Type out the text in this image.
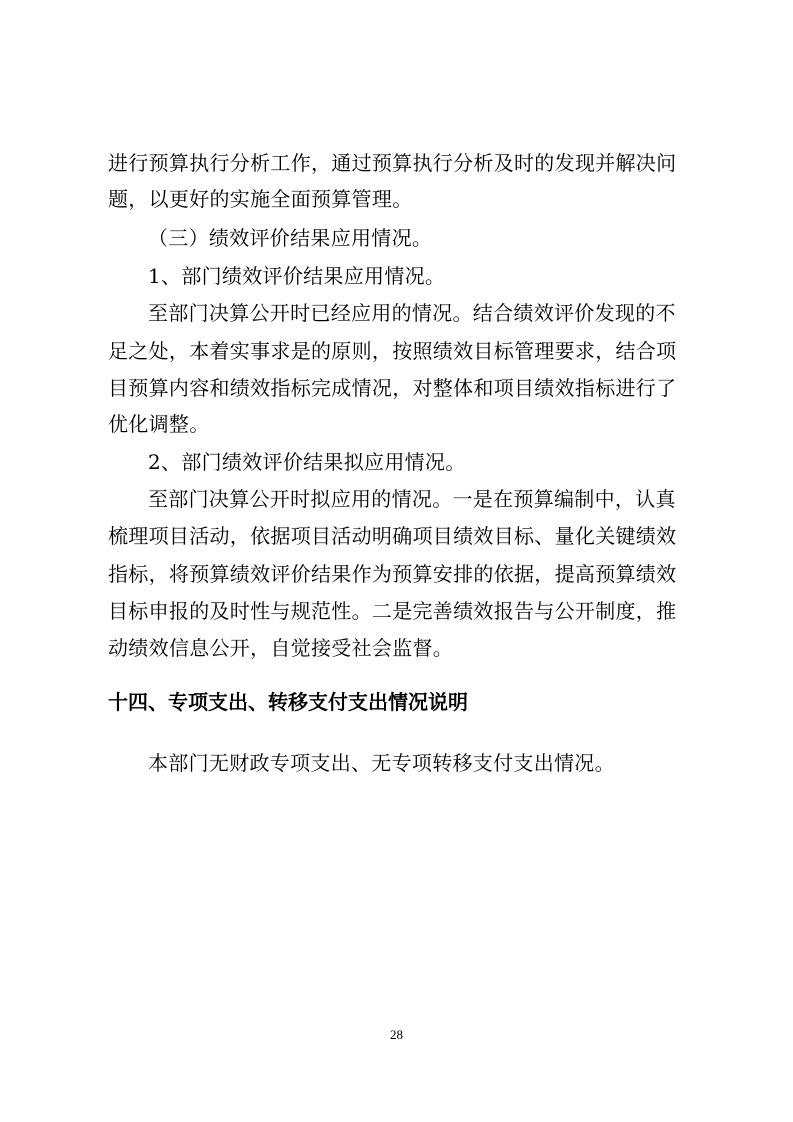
进行预算执行分析工作，通过预算执行分析及时的发现并解决问
题，以更好的实施全面预算管理。
（三）绩效评价结果应用情况。
1、部门绩效评价结果应用情况。
至部门决算公开时已经应用的情况。结合绩效评价发现的不
足之处，本着实事求是的原则，按照绩效目标管理要求，结合项
目预算内容和绩效指标完成情况，对整体和项目绩效指标进行了
优化调整。
2、部门绩效评价结果拟应用情况。
至部门决算公开时拟应用的情况。一是在预算编制中，认真
梳理项目活动，依据项目活动明确项目绩效目标、量化关键绩效
指标，将预算绩效评价结果作为预算安排的依据，提高预算绩效
目标申报的及时性与规范性。二是完善绩效报告与公开制度，推
动绩效信息公开，自觉接受社会监督。
十四、专项支出、转移支付支出情况说明
本部门无财政专项支出、无专项转移支付支出情况。
28
